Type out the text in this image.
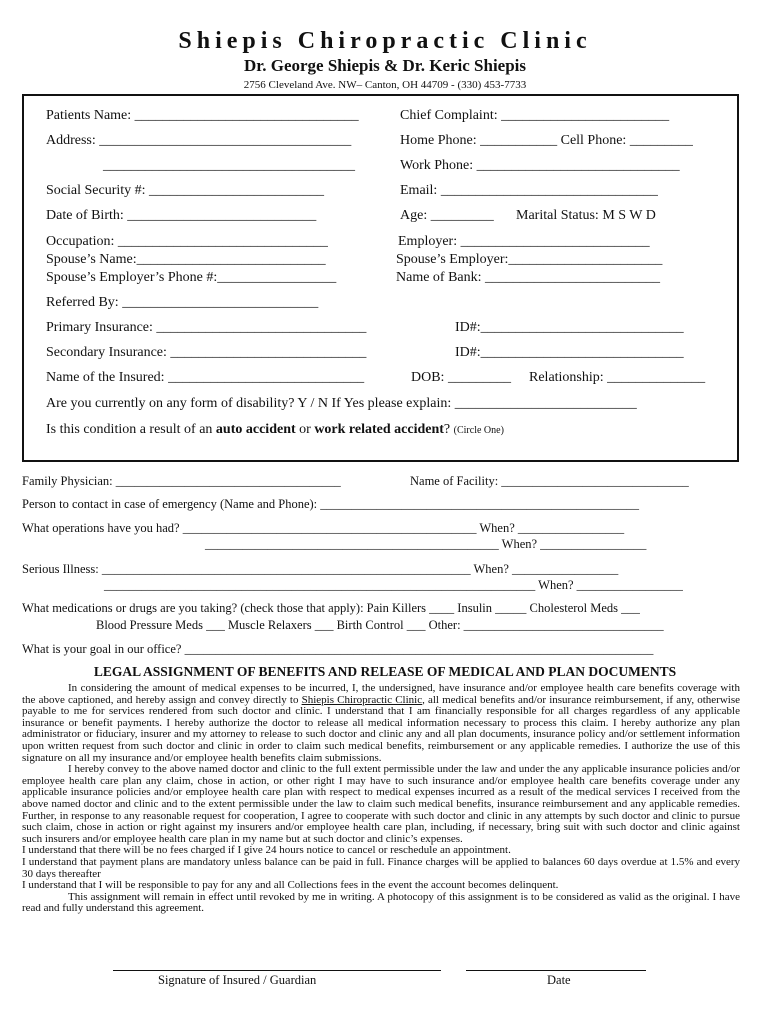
Shiepis Chiropractic Clinic
Dr. George Shiepis & Dr. Keric Shiepis
2756 Cleveland Ave. NW– Canton, OH 44709 - (330) 453-7733
Patients Name: ________________________________	Chief Complaint: ________________________
Address: ____________________________________	Home Phone: ___________ Cell Phone: _________
____________________________________	Work Phone: _____________________________
Social Security #: _________________________	Email: _______________________________
Date of Birth: ___________________________	Age: _________ Marital Status: M S W D
Occupation: ______________________________	Employer: ___________________________
Spouse’s Name:___________________________	Spouse’s Employer:______________________
Spouse’s Employer’s Phone #:_________________	Name of Bank: _________________________
Referred By: ____________________________
Primary Insurance: ______________________________	ID#:_____________________________
Secondary Insurance: ____________________________	ID#:_____________________________
Name of the Insured: ____________________________	DOB: _________ Relationship: ______________
Are you currently on any form of disability? Y / N If Yes please explain: __________________________
Is this condition a result of an auto accident or work related accident? (Circle One)
Family Physician: ____________________________________	Name of Facility: ______________________________
Person to contact in case of emergency (Name and Phone): ___________________________________________________
What operations have you had? _______________________________________________ When? _________________
_______________________________________________ When? _________________
Serious Illness: ___________________________________________________________ When? _________________
_____________________________________________________________________ When? _________________
What medications or drugs are you taking? (check those that apply): Pain Killers ____ Insulin _____ Cholesterol Meds ___
Blood Pressure Meds ___ Muscle Relaxers ___ Birth Control ___ Other: ________________________________
What is your goal in our office? ___________________________________________________________________________
LEGAL ASSIGNMENT OF BENEFITS AND RELEASE OF MEDICAL AND PLAN DOCUMENTS

In considering the amount of medical expenses to be incurred, I, the undersigned, have insurance and/or employee health care benefits coverage with the above captioned, and hereby assign and convey directly to Shiepis Chiropractic Clinic, all medical benefits and/or insurance reimbursement, if any, otherwise payable to me for services rendered from such doctor and clinic. I understand that I am financially responsible for all charges regardless of any applicable insurance or benefit payments. I hereby authorize the doctor to release all medical information necessary to process this claim. I hereby authorize any plan administrator or fiduciary, insurer and my attorney to release to such doctor and clinic any and all plan documents, insurance policy and/or settlement information upon written request from such doctor and clinic in order to claim such medical benefits, reimbursement or any applicable remedies. I authorize the use of this signature on all my insurance and/or employee health benefits claim submissions.

I hereby convey to the above named doctor and clinic to the full extent permissible under the law and under the any applicable insurance policies and/or employee health care plan any claim, chose in action, or other right I may have to such insurance and/or employee health care benefits coverage under any applicable insurance policies and/or employee health care plan with respect to medical expenses incurred as a result of the medical services I received from the above named doctor and clinic and to the extent permissible under the law to claim such medical benefits, insurance reimbursement and any applicable remedies. Further, in response to any reasonable request for cooperation, I agree to cooperate with such doctor and clinic in any attempts by such doctor and clinic to pursue such claim, chose in action or right against my insurers and/or employee health care plan, including, if necessary, bring suit with such doctor and clinic against such insurers and/or employee health care plan in my name but at such doctor and clinic’s expenses.

I understand that there will be no fees charged if I give 24 hours notice to cancel or reschedule an appointment.

I understand that payment plans are mandatory unless balance can be paid in full. Finance charges will be applied to balances 60 days overdue at 1.5% and every 30 days thereafter

I understand that I will be responsible to pay for any and all Collections fees in the event the account becomes delinquent.

This assignment will remain in effect until revoked by me in writing. A photocopy of this assignment is to be considered as valid as the original. I have read and fully understand this agreement.

Signature of Insured / Guardian	Date
